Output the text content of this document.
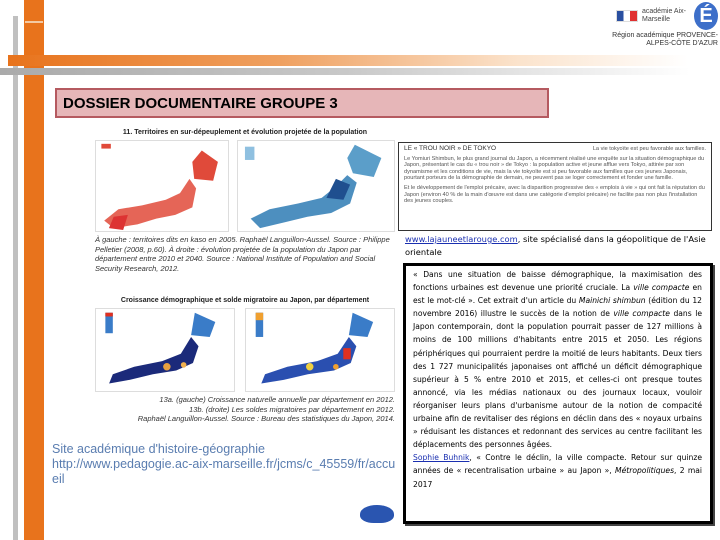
académie Aix-Marseille	É
Région académique PROVENCE-ALPES-CÔTE D'AZUR
DOSSIER DOCUMENTAIRE GROUPE 3
11. Territoires en sur-dépeuplement et évolution projetée de la population
À gauche : territoires dits en kaso en 2005. Raphaël Languillon-Aussel. Source : Philippe Pelletier (2008, p.60). À droite : évolution projetée de la population du Japon par département entre 2010 et 2040. Source : National Institute of Population and Social Security Research, 2012.
Croissance démographique et solde migratoire au Japon, par département
13a. (gauche) Croissance naturelle annuelle par département en 2012.
13b. (droite) Les soldes migratoires par département en 2012.
Raphaël Languillon-Aussel. Source : Bureau des statistiques du Japon, 2014.
LE « TROU NOIR » DE TOKYO	La vie tokyoïte est peu favorable aux familles.
Le Yomiuri Shimbun, le plus grand journal du Japon, a récemment réalisé une enquête sur la situation démographique du Japon, présentant le cas du « trou noir » de Tokyo : la population active et jeune afflue vers Tokyo, attirée par son dynamisme et les conditions de vie, mais la vie tokyoïte est si peu favorable aux familles que ces jeunes Japonais, pourtant porteurs de la démographie de demain, ne peuvent pas se loger correctement et fonder une famille.
Et le développement de l'emploi précaire, avec la disparition progressive des « emplois à vie » qui ont fait la réputation du Japon (environ 40 % de la main d'œuvre est dans une catégorie d'emploi précaire) ne facilite pas non plus l'installation des jeunes couples.
www.lajauneetlarouge.com, site spécialisé dans la géopolitique de l'Asie orientale
Site académique d'histoire-géographie
http://www.pedagogie.ac-aix-marseille.fr/jcms/c_45559/fr/accueil
« Dans une situation de baisse démographique, la maximisation des fonctions urbaines est devenue une priorité cruciale. La ville compacte en est le mot-clé ». Cet extrait d'un article du Mainichi shimbun (édition du 12 novembre 2016) illustre le succès de la notion de ville compacte dans le Japon contemporain, dont la population pourrait passer de 127 millions à moins de 100 millions d'habitants entre 2015 et 2050. Les régions périphériques qui pourraient perdre la moitié de leurs habitants. Deux tiers des 1 727 municipalités japonaises ont affiché un déficit démographique supérieur à 5 % entre 2010 et 2015, et celles-ci ont presque toutes annoncé, via les médias nationaux ou des journaux locaux, vouloir réorganiser leurs plans d'urbanisme autour de la notion de compacité urbaine afin de revitaliser des régions en déclin dans des « noyaux urbains » réduisant les distances et redonnant des services au centre facilitant les déplacements des personnes âgées.
Sophie Buhnik, « Contre le déclin, la ville compacte. Retour sur quinze années de « recentralisation urbaine » au Japon », Métropolitiques, 2 mai 2017
